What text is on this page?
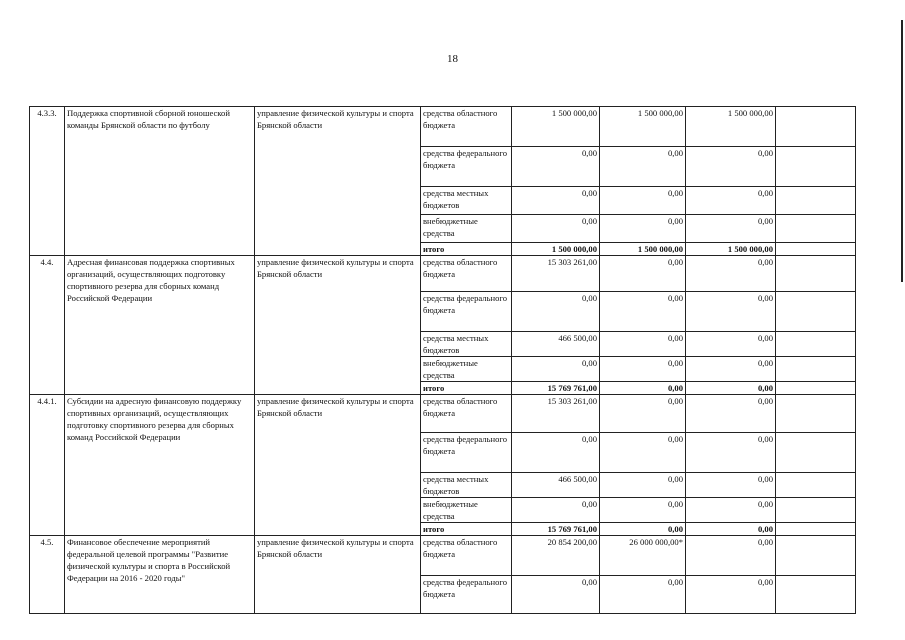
18
4.3.3.	Поддержка спортивной сборной юношеской команды Брянской области по футболу	управление физической культуры и спорта Брянской области	средства областного бюджета	1 500 000,00	1 500 000,00	1 500 000,00	
			средства федерального бюджета	0,00	0,00	0,00	
			средства местных бюджетов	0,00	0,00	0,00	
			внебюджетные средства	0,00	0,00	0,00	
			итого	1 500 000,00	1 500 000,00	1 500 000,00	
4.4.	Адресная финансовая поддержка спортивных организаций, осуществляющих подготовку спортивного резерва для сборных команд Российской Федерации	управление физической культуры и спорта Брянской области	средства областного бюджета	15 303 261,00	0,00	0,00	
			средства федерального бюджета	0,00	0,00	0,00	
			средства местных бюджетов	466 500,00	0,00	0,00	
			внебюджетные средства	0,00	0,00	0,00	
			итого	15 769 761,00	0,00	0,00	
4.4.1.	Субсидии на адресную финансовую поддержку спортивных организаций, осуществляющих подготовку спортивного резерва для сборных команд Российской Федерации	управление физической культуры и спорта Брянской области	средства областного бюджета	15 303 261,00	0,00	0,00	
			средства федерального бюджета	0,00	0,00	0,00	
			средства местных бюджетов	466 500,00	0,00	0,00	
			внебюджетные средства	0,00	0,00	0,00	
			итого	15 769 761,00	0,00	0,00	
4.5.	Финансовое обеспечение мероприятий федеральной целевой программы "Развитие физической культуры и спорта в Российской Федерации на 2016 - 2020 годы"	управление физической культуры и спорта Брянской области	средства областного бюджета	20 854 200,00	26 000 000,00*	0,00	
			средства федерального бюджета	0,00	0,00	0,00	
